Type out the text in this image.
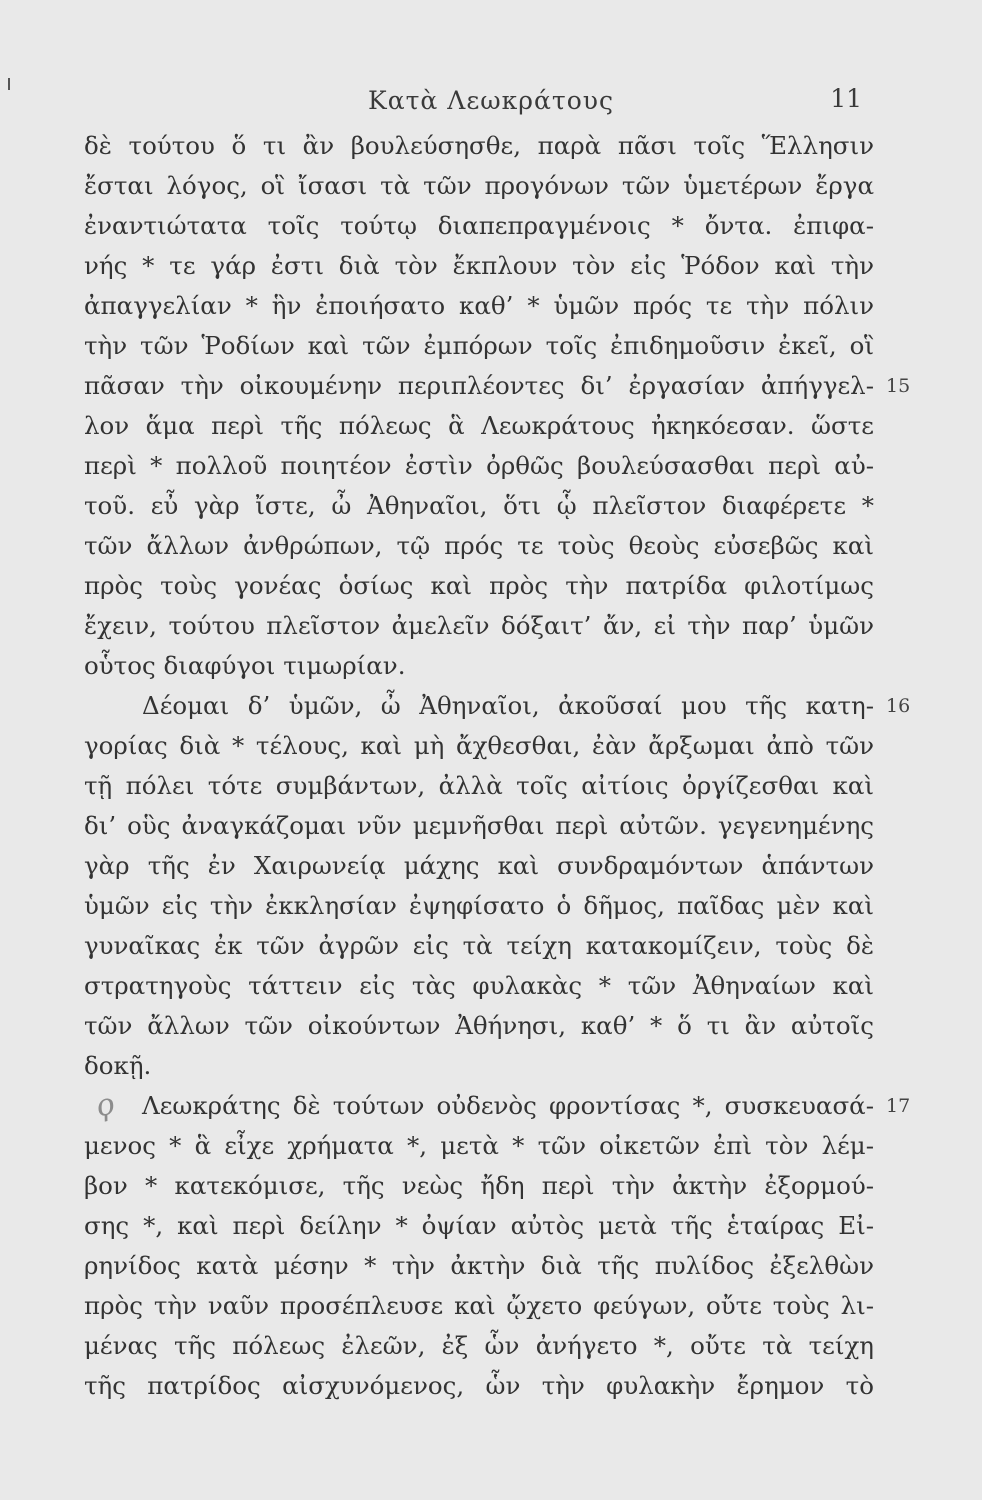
Κατὰ Λεωκράτους	11
δὲ τούτου ὅ τι ἂν βουλεύσησθε, παρὰ πᾶσι τοῖς Ἕλλησιν
ἔσται λόγος, οἳ ἴσασι τὰ τῶν προγόνων τῶν ὑμετέρων ἔργα
ἐναντιώτατα τοῖς τούτῳ διαπεπραγμένοις * ὄντα. ἐπιφα-
νής * τε γάρ ἐστι διὰ τὸν ἔκπλουν τὸν εἰς Ῥόδον καὶ τὴν
ἀπαγγελίαν * ἣν ἐποιήσατο καθ’ * ὑμῶν πρός τε τὴν πόλιν
τὴν τῶν Ῥοδίων καὶ τῶν ἐμπόρων τοῖς ἐπιδημοῦσιν ἐκεῖ, οἳ
πᾶσαν τὴν οἰκουμένην περιπλέοντες δι’ ἐργασίαν ἀπήγγελ-
λον ἅμα περὶ τῆς πόλεως ἃ Λεωκράτους ἠκηκόεσαν. ὥστε
περὶ * πολλοῦ ποιητέον ἐστὶν ὀρθῶς βουλεύσασθαι περὶ αὐ-
τοῦ. εὖ γὰρ ἴστε, ὦ Ἀθηναῖοι, ὅτι ᾧ πλεῖστον διαφέρετε *
τῶν ἄλλων ἀνθρώπων, τῷ πρός τε τοὺς θεοὺς εὐσεβῶς καὶ
πρὸς τοὺς γονέας ὁσίως καὶ πρὸς τὴν πατρίδα φιλοτίμως
ἔχειν, τούτου πλεῖστον ἀμελεῖν δόξαιτ’ ἄν, εἰ τὴν παρ’ ὑμῶν
οὗτος διαφύγοι τιμωρίαν.
Δέομαι δ’ ὑμῶν, ὦ Ἀθηναῖοι, ἀκοῦσαί μου τῆς κατη-
γορίας διὰ * τέλους, καὶ μὴ ἄχθεσθαι, ἐὰν ἄρξωμαι ἀπὸ τῶν
τῇ πόλει τότε συμβάντων, ἀλλὰ τοῖς αἰτίοις ὀργίζεσθαι καὶ
δι’ οὓς ἀναγκάζομαι νῦν μεμνῆσθαι περὶ αὐτῶν. γεγενημένης
γὰρ τῆς ἐν Χαιρωνείᾳ μάχης καὶ συνδραμόντων ἁπάντων
ὑμῶν εἰς τὴν ἐκκλησίαν ἐψηφίσατο ὁ δῆμος, παῖδας μὲν καὶ
γυναῖκας ἐκ τῶν ἀγρῶν εἰς τὰ τείχη κατακομίζειν, τοὺς δὲ
στρατηγοὺς τάττειν εἰς τὰς φυλακὰς * τῶν Ἀθηναίων καὶ
τῶν ἄλλων τῶν οἰκούντων Ἀθήνησι, καθ’ * ὅ τι ἂν αὐτοῖς
δοκῇ.
Λεωκράτης δὲ τούτων οὐδενὸς φροντίσας *, συσκευασά-
μενος * ἃ εἶχε χρήματα *, μετὰ * τῶν οἰκετῶν ἐπὶ τὸν λέμ-
βον * κατεκόμισε, τῆς νεὼς ἤδη περὶ τὴν ἀκτὴν ἐξορμού-
σης *, καὶ περὶ δείλην * ὀψίαν αὐτὸς μετὰ τῆς ἑταίρας Εἰ-
ρηνίδος κατὰ μέσην * τὴν ἀκτὴν διὰ τῆς πυλίδος ἐξελθὼν
πρὸς τὴν ναῦν προσέπλευσε καὶ ᾤχετο φεύγων, οὔτε τοὺς λι-
μένας τῆς πόλεως ἐλεῶν, ἐξ ὧν ἀνήγετο *, οὔτε τὰ τείχη
τῆς πατρίδος αἰσχυνόμενος, ὧν τὴν φυλακὴν ἔρημον τὸ
15
16
17
ϙ
